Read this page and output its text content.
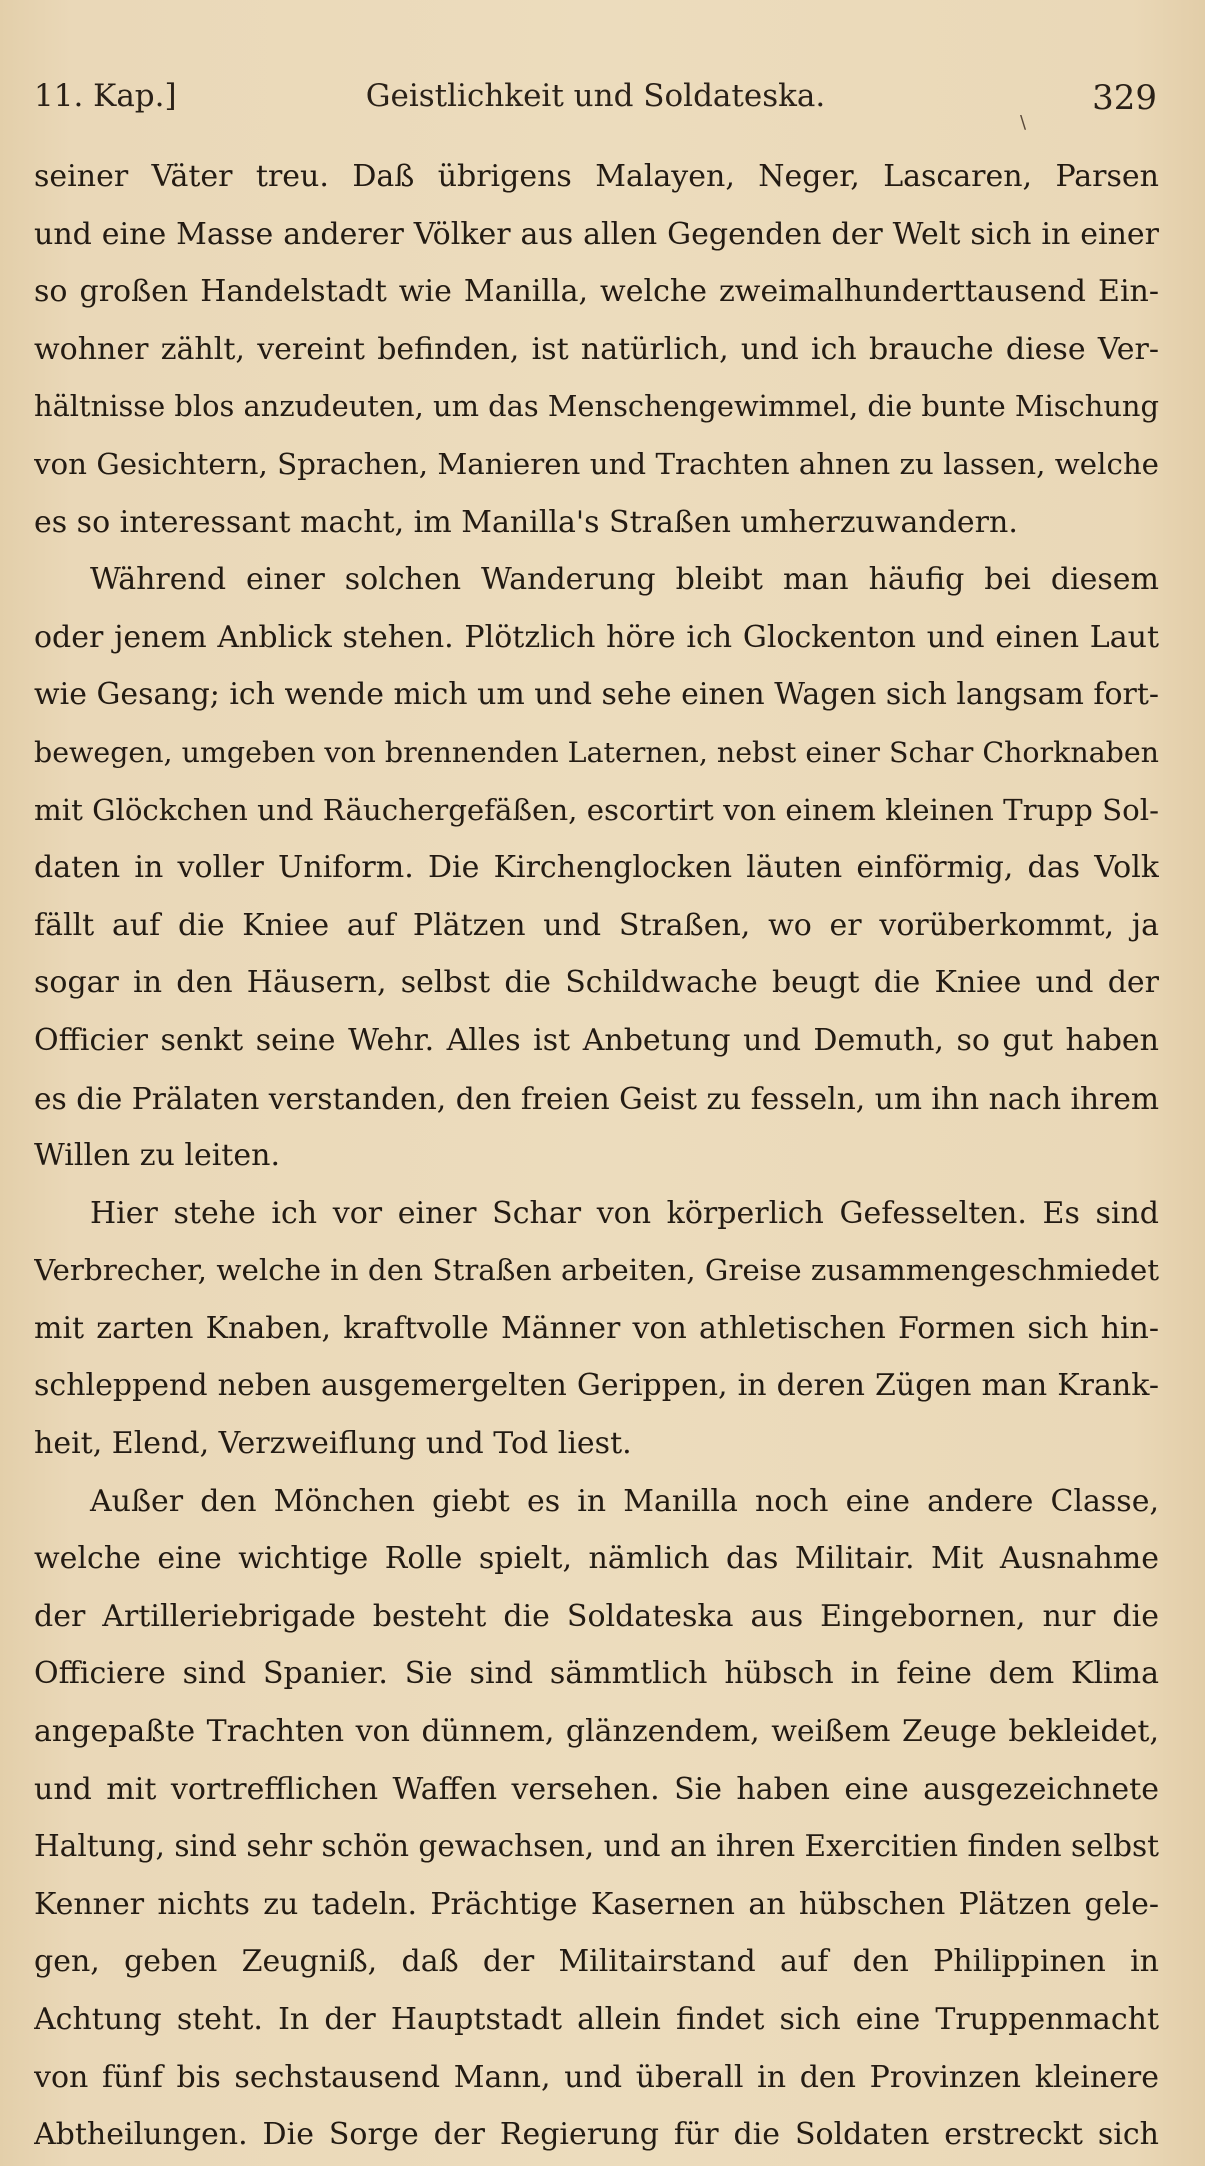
11. Kap.]	Geistlichkeit und Soldateska.	329
\
seiner Väter treu. Daß übrigens Malayen, Neger, Lascaren, Parsen
und eine Masse anderer Völker aus allen Gegenden der Welt sich in einer
so großen Handelstadt wie Manilla, welche zweimalhunderttausend Ein-
wohner zählt, vereint befinden, ist natürlich, und ich brauche diese Ver-
hältnisse blos anzudeuten, um das Menschengewimmel, die bunte Mischung
von Gesichtern, Sprachen, Manieren und Trachten ahnen zu lassen, welche
es so interessant macht, im Manilla's Straßen umherzuwandern.
Während einer solchen Wanderung bleibt man häufig bei diesem
oder jenem Anblick stehen. Plötzlich höre ich Glockenton und einen Laut
wie Gesang; ich wende mich um und sehe einen Wagen sich langsam fort-
bewegen, umgeben von brennenden Laternen, nebst einer Schar Chorknaben
mit Glöckchen und Räuchergefäßen, escortirt von einem kleinen Trupp Sol-
daten in voller Uniform. Die Kirchenglocken läuten einförmig, das Volk
fällt auf die Kniee auf Plätzen und Straßen, wo er vorüberkommt, ja
sogar in den Häusern, selbst die Schildwache beugt die Kniee und der
Officier senkt seine Wehr. Alles ist Anbetung und Demuth, so gut haben
es die Prälaten verstanden, den freien Geist zu fesseln, um ihn nach ihrem
Willen zu leiten.
Hier stehe ich vor einer Schar von körperlich Gefesselten. Es sind
Verbrecher, welche in den Straßen arbeiten, Greise zusammengeschmiedet
mit zarten Knaben, kraftvolle Männer von athletischen Formen sich hin-
schleppend neben ausgemergelten Gerippen, in deren Zügen man Krank-
heit, Elend, Verzweiflung und Tod liest.
Außer den Mönchen giebt es in Manilla noch eine andere Classe,
welche eine wichtige Rolle spielt, nämlich das Militair. Mit Ausnahme
der Artilleriebrigade besteht die Soldateska aus Eingebornen, nur die
Officiere sind Spanier. Sie sind sämmtlich hübsch in feine dem Klima
angepaßte Trachten von dünnem, glänzendem, weißem Zeuge bekleidet,
und mit vortrefflichen Waffen versehen. Sie haben eine ausgezeichnete
Haltung, sind sehr schön gewachsen, und an ihren Exercitien finden selbst
Kenner nichts zu tadeln. Prächtige Kasernen an hübschen Plätzen gele-
gen, geben Zeugniß, daß der Militairstand auf den Philippinen in
Achtung steht. In der Hauptstadt allein findet sich eine Truppenmacht
von fünf bis sechstausend Mann, und überall in den Provinzen kleinere
Abtheilungen. Die Sorge der Regierung für die Soldaten erstreckt sich
